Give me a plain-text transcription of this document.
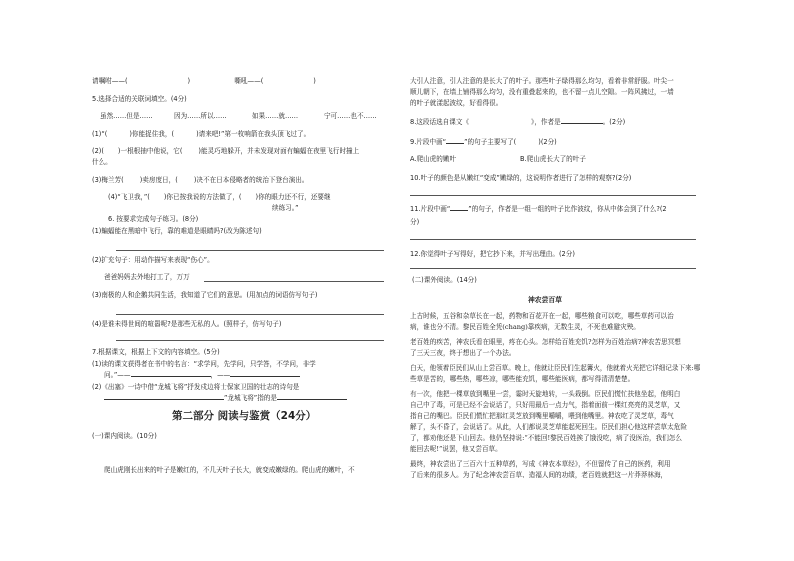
请嘱咐——(	)	嘶吼——(	)
5.选择合适的关联词填空。(4分)
虽然……但是……	因为……所以……	如果……就……	宁可……也不……
(1)“(	)你能捉住我，(	)请来吧!”第一枚响箭在我头顶飞过了。
(2)( )一根根抽中他说，它( )能灵巧地躲开，并未发现对面有蝙蝠在夜里飞行时撞上
什么。
(3)梅兰芳( )卖房度日，( )决不在日本侵略者的统治下登台演出。
(4)“飞卫我，”( )你已按我说的方法做了，( )你的眼力还不行，还要继
续练习。”
6. 按要求完成句子练习。(8分)
(1)蝙蝠能在黑暗中飞行，靠的难道是眼睛吗?(改为陈述句)
(2)扩充句子：用动作描写来表现“伤心”。
爸爸妈妈去外地打工了，万万
(3)南极的人和企鹅共同生活，我知道了它们的意思。(用加点的词语仿写句子)
(4)是谁未得世间的喧嚣呢?是那些无私的人。(照样子，仿写句子)
7.根据课文，根据上下文的内容填空。(5分)
(1)读的课文获得者在书中的名言：“求学问，先学问，只学答，不学问，非学
问。”——	，——
(2)《出塞》一诗中借“龙城飞将”抒发戍边将士保家卫国的壮志的诗句是
”龙城飞将”指的是
第二部分 阅读与鉴赏（24分）
(一)课内阅读。(10分)
爬山虎刚长出来的叶子是嫩红的，不几天叶子长大，就变成嫩绿的。爬山虎的嫩叶，不
大引人注意，引人注意的是长大了的叶子。那些叶子绿得那么均匀，看着非常舒服。叶尖一
顺儿朝下，在墙上铺得那么均匀，没有重叠起来的，也不留一点儿空隙。一阵风拂过，一墙
的叶子就漾起波纹，好看得很。
8.这段话选自课文《	》，作者是	。(2分)
9.片段中画“	”的句子主要写了(	)(2分)
A.爬山虎的嫩叶	B.爬山虎长大了的叶子
10.叶子的颜色是从嫩红“变成”嫩绿的，这说明作者进行了怎样的观察?(2分)
11.片段中画“	”的句子，作者是一组一组的叶子比作波纹，你从中体会到了什么?(2
分)
12.你觉得叶子写得好，把它抄下来，并写出理由。(2分)
(二)课外阅读。(14分)
神农尝百草
上古时候，五谷和杂草长在一起，药物和百花开在一起，哪些粮食可以吃，哪些草药可以治
病，谁也分不清。黎民百姓全凭(chang)靠疾病，无数生灵，不死也难避灾殃。
老百姓的疾苦，神农氏看在眼里，疼在心头。怎样给百姓充饥?怎样为百姓治病?神农苦思冥想
了三天三夜，终于想出了一个办法。
白天，他领着臣民们从山上尝百草。晚上，他就让臣民们生起篝火，他就着火光把它详细记录下来:哪
些草是苦的，哪些热，哪些凉，哪些能充饥，哪些能医病，都写得清清楚楚。
有一次，他把一棵草放到嘴里一尝，霎时天旋地转，一头栽倒。臣民们慌忙扶他坐起，他明白
自己中了毒，可是已经不会说话了，只好用最后一点力气，指着面前一棵红亮亮的灵芝草，又
指自己的嘴巴。臣民们慌忙把那红灵芝放到嘴里嚼嚼，喂到他嘴里。神农吃了灵芝草，毒气
解了，头不昏了，会说话了。从此，人们都说灵芝草能起死回生。臣民们担心他这样尝草太危险
了，都劝他还是下山回去。他仍坚持说:“不能回!黎民百姓挨了饿没吃，病了没医治，我们怎么
能回去呢!”说罢，他又尝百草。
最终，神农尝出了三百六十五种草药，写成《神农本草经》，不但留传了自己的医药，利用
了后来的很多人。为了纪念神农尝百草、造福人间的功绩，老百姓就把这一片莽莽林海，
